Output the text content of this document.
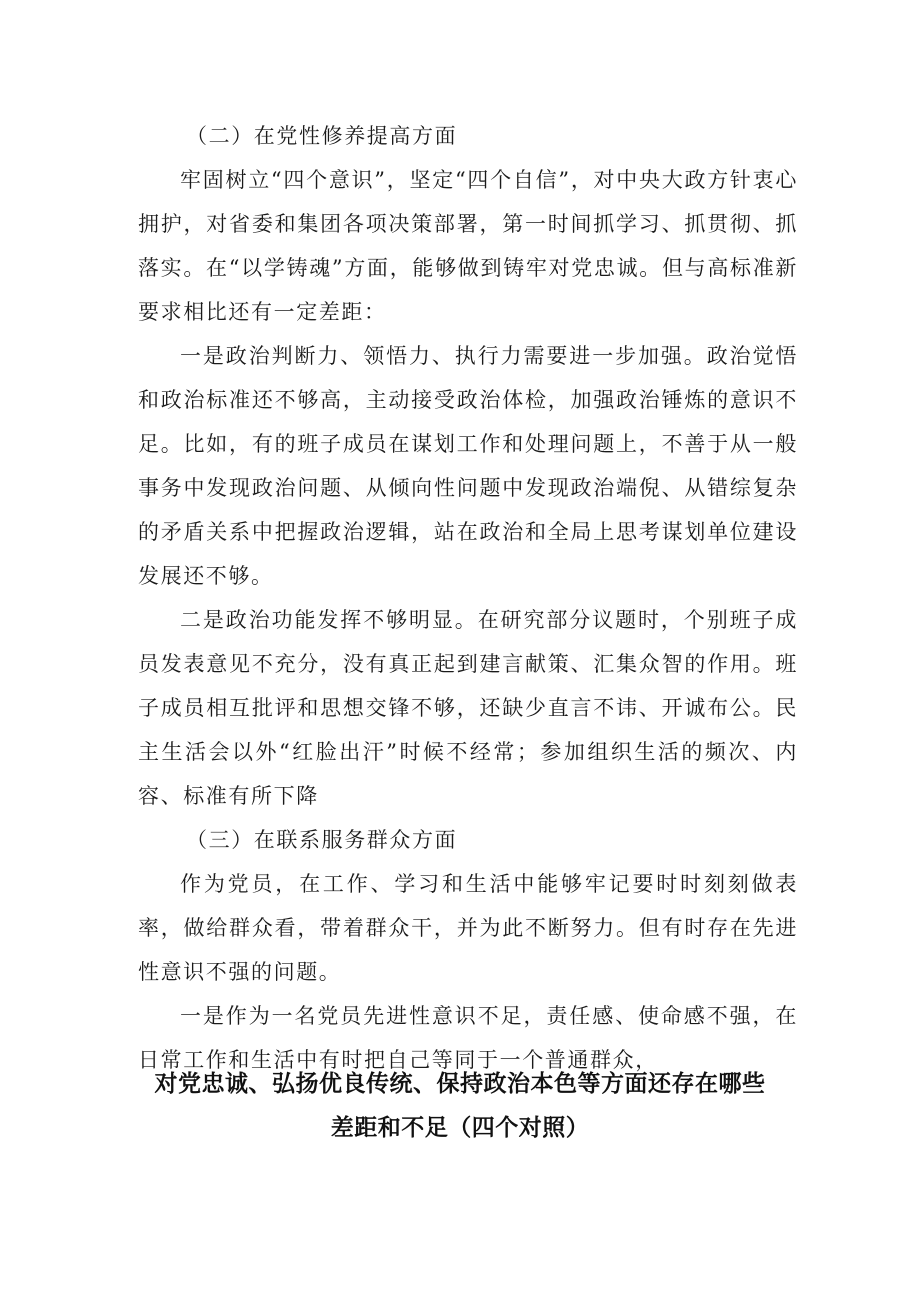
（二）在党性修养提高方面

牢固树立“四个意识”，坚定“四个自信”，对中央大政方针衷心拥护，对省委和集团各项决策部署，第一时间抓学习、抓贯彻、抓落实。在“以学铸魂”方面，能够做到铸牢对党忠诚。但与高标准新要求相比还有一定差距：

一是政治判断力、领悟力、执行力需要进一步加强。政治觉悟和政治标准还不够高，主动接受政治体检，加强政治锤炼的意识不足。比如，有的班子成员在谋划工作和处理问题上，不善于从一般事务中发现政治问题、从倾向性问题中发现政治端倪、从错综复杂的矛盾关系中把握政治逻辑，站在政治和全局上思考谋划单位建设发展还不够。

二是政治功能发挥不够明显。在研究部分议题时，个别班子成员发表意见不充分，没有真正起到建言献策、汇集众智的作用。班子成员相互批评和思想交锋不够，还缺少直言不讳、开诚布公。民主生活会以外“红脸出汗”时候不经常；参加组织生活的频次、内容、标准有所下降

（三）在联系服务群众方面

作为党员，在工作、学习和生活中能够牢记要时时刻刻做表率，做给群众看，带着群众干，并为此不断努力。但有时存在先进性意识不强的问题。

一是作为一名党员先进性意识不足，责任感、使命感不强，在日常工作和生活中有时把自己等同于一个普通群众，

对党忠诚、弘扬优良传统、保持政治本色等方面还存在哪些
差距和不足（四个对照）
